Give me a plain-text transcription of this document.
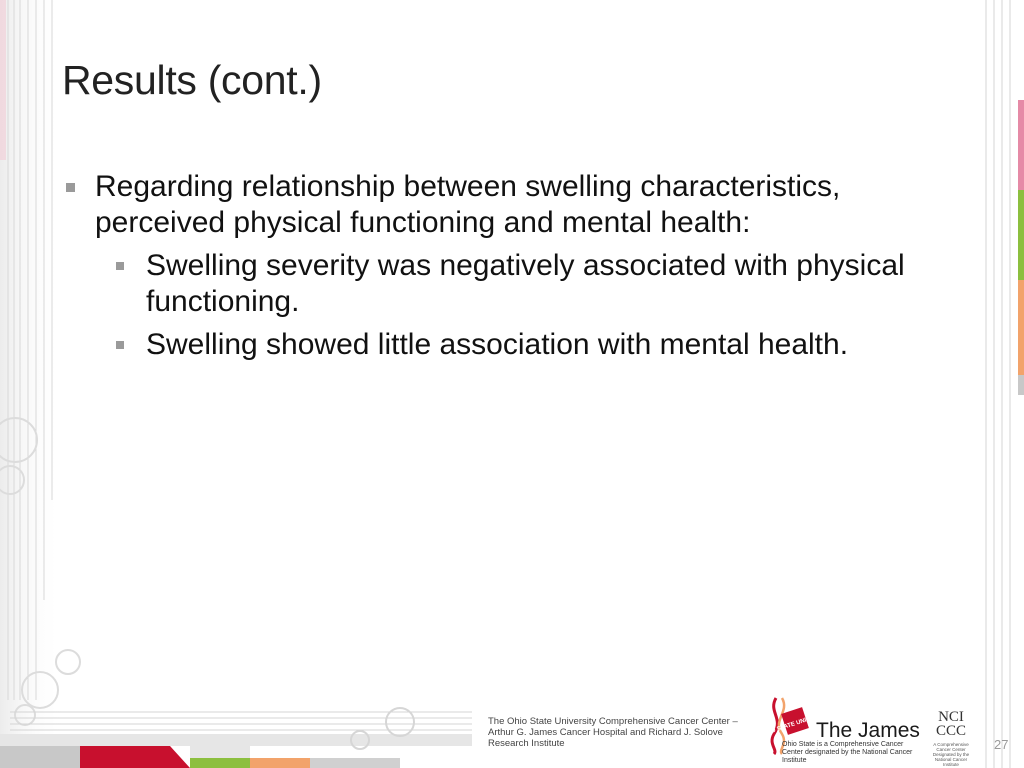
Results (cont.)
Regarding relationship between swelling characteristics, perceived physical functioning and mental health:
Swelling severity was negatively associated with physical functioning.
Swelling showed little association with mental health.
The Ohio State University Comprehensive Cancer Center – Arthur G. James Cancer Hospital and Richard J. Solove Research Institute
OHIO STATE UNIVERSITY
The James
Ohio State is a Comprehensive Cancer Center designated by the National Cancer Institute
NCI
CCC
A Comprehensive Cancer Center Designated by the National Cancer Institute
27
